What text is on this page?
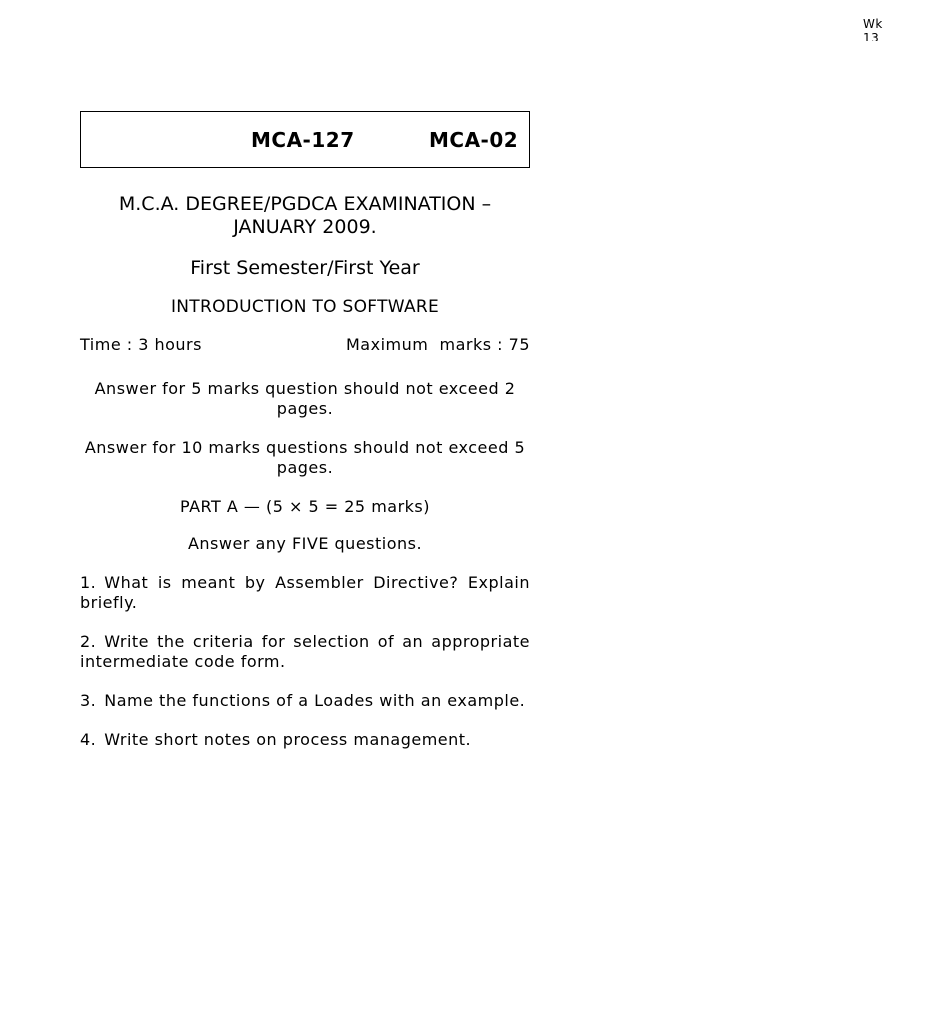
Wk 13
MCA-127	MCA-02
M.C.A. DEGREE/PGDCA EXAMINATION – JANUARY 2009.
First Semester/First Year
INTRODUCTION TO SOFTWARE
Time : 3 hours	Maximum  marks : 75
Answer for 5 marks question should not exceed 2 pages.
Answer for 10 marks questions should not exceed 5 pages.
PART A — (5 × 5 = 25 marks)
Answer any FIVE questions.
1. What is meant by Assembler Directive? Explain briefly.
2. Write the criteria for selection of an appropriate intermediate code form.
3. Name the functions of a Loades with an example.
4. Write short notes on process management.
